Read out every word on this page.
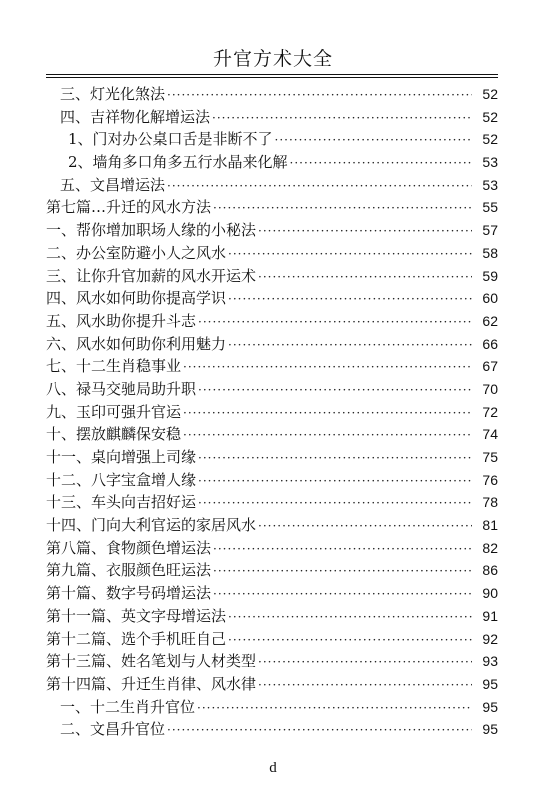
升官方术大全
三、灯光化煞法 ·····	52
四、吉祥物化解增运法 ·····	52
1、门对办公桌口舌是非断不了 ·····	52
2、墙角多口角多五行水晶来化解 ·····	53
五、文昌增运法 ·····	53
第七篇…升迁的风水方法 ·····	55
一、帮你增加职场人缘的小秘法 ·····	57
二、办公室防避小人之风水 ·····	58
三、让你升官加薪的风水开运术 ·····	59
四、风水如何助你提高学识 ·····	60
五、风水助你提升斗志 ·····	62
六、风水如何助你利用魅力 ·····	66
七、十二生肖稳事业 ·····	67
八、禄马交驰局助升职 ·····	70
九、玉印可强升官运 ·····	72
十、摆放麒麟保安稳 ·····	74
十一、桌向增强上司缘 ·····	75
十二、八字宝盒增人缘 ·····	76
十三、车头向吉招好运 ·····	78
十四、门向大利官运的家居风水 ·····	81
第八篇、食物颜色增运法 ·····	82
第九篇、衣服颜色旺运法 ·····	86
第十篇、数字号码增运法 ·····	90
第十一篇、英文字母增运法 ·····	91
第十二篇、选个手机旺自己 ·····	92
第十三篇、姓名笔划与人材类型 ·····	93
第十四篇、升迁生肖律、风水律 ·····	95
一、十二生肖升官位 ·····	95
二、文昌升官位 ·····	95
d
